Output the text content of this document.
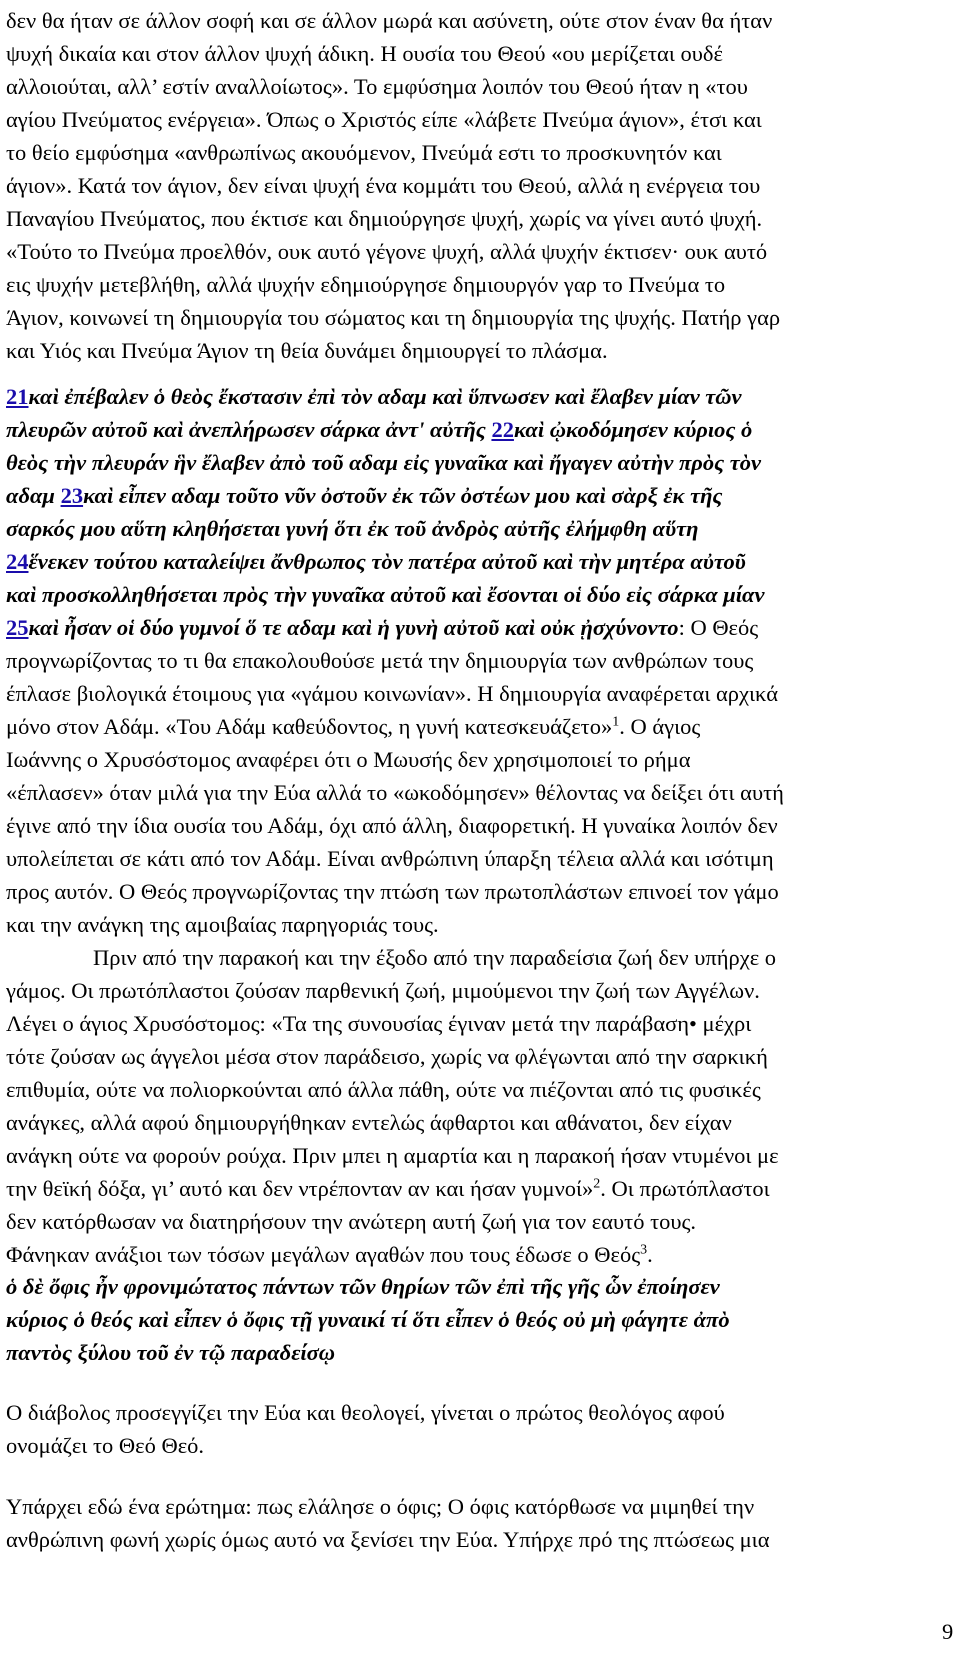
δεν θα ήταν σε άλλον σοφή και σε άλλον μωρά και ασύνετη, ούτε στον έναν θα ήταν
ψυχή δικαία και στον άλλον ψυχή άδικη. Η ουσία του Θεού «ου μερίζεται ουδέ
αλλοιούται, αλλ’ εστίν αναλλοίωτος». Το εμφύσημα λοιπόν του Θεού ήταν η «του
αγίου Πνεύματος ενέργεια». Όπως ο Χριστός είπε «λάβετε Πνεύμα άγιον», έτσι και
το θείο εμφύσημα «ανθρωπίνως ακουόμενον, Πνεύμά εστι το προσκυνητόν και
άγιον». Κατά τον άγιον, δεν είναι ψυχή ένα κομμάτι του Θεού, αλλά η ενέργεια του
Παναγίου Πνεύματος, που έκτισε και δημιούργησε ψυχή, χωρίς να γίνει αυτό ψυχή.
«Τούτο το Πνεύμα προελθόν, ουκ αυτό γέγονε ψυχή, αλλά ψυχήν έκτισεν· ουκ αυτό
εις ψυχήν μετεβλήθη, αλλά ψυχήν εδημιούργησε δημιουργόν γαρ το Πνεύμα το
Άγιον, κοινωνεί τη δημιουργία του σώματος και τη δημιουργία της ψυχής. Πατήρ γαρ
και Υιός και Πνεύμα Άγιον τη θεία δυνάμει δημιουργεί το πλάσμα.
21καὶ ἐπέβαλεν ὁ θεὸς ἔκστασιν ἐπὶ τὸν αδαμ καὶ ὕπνωσεν καὶ ἔλαβεν μίαν τῶν
πλευρῶν αὐτοῦ καὶ ἀνεπλήρωσεν σάρκα ἀντ' αὐτῆς 22καὶ ᾠκοδόμησεν κύριος ὁ
θεὸς τὴν πλευράν ἣν ἔλαβεν ἀπὸ τοῦ αδαμ εἰς γυναῖκα καὶ ἤγαγεν αὐτὴν πρὸς τὸν
αδαμ 23καὶ εἶπεν αδαμ τοῦτο νῦν ὀστοῦν ἐκ τῶν ὀστέων μου καὶ σὰρξ ἐκ τῆς
σαρκός μου αὕτη κληθήσεται γυνή ὅτι ἐκ τοῦ ἀνδρὸς αὐτῆς ἐλήμφθη αὕτη
24ἕνεκεν τούτου καταλείψει ἄνθρωπος τὸν πατέρα αὐτοῦ καὶ τὴν μητέρα αὐτοῦ
καὶ προσκολληθήσεται πρὸς τὴν γυναῖκα αὐτοῦ καὶ ἔσονται οἱ δύο εἰς σάρκα μίαν
25καὶ ἦσαν οἱ δύο γυμνοί ὅ τε αδαμ καὶ ἡ γυνὴ αὐτοῦ καὶ οὐκ ᾐσχύνοντο: Ο Θεός
προγνωρίζοντας το τι θα επακολουθούσε μετά την δημιουργία των ανθρώπων τους
έπλασε βιολογικά έτοιμους για «γάμου κοινωνίαν». Η δημιουργία αναφέρεται αρχικά
μόνο στον Αδάμ. «Του Αδάμ καθεύδοντος, η γυνή κατεσκευάζετο»$^1$. Ο άγιος
Ιωάννης ο Χρυσόστομος αναφέρει ότι ο Μωυσής δεν χρησιμοποιεί το ρήμα
«έπλασεν» όταν μιλά για την Εύα αλλά το «ωκοδόμησεν» θέλοντας να δείξει ότι αυτή
έγινε από την ίδια ουσία του Αδάμ, όχι από άλλη, διαφορετική. Η γυναίκα λοιπόν δεν
υπολείπεται σε κάτι από τον Αδάμ. Είναι ανθρώπινη ύπαρξη τέλεια αλλά και ισότιμη
προς αυτόν. Ο Θεός προγνωρίζοντας την πτώση των πρωτοπλάστων επινοεί τον γάμο
και την ανάγκη της αμοιβαίας παρηγοριάς τους.
Πριν από την παρακοή και την έξοδο από την παραδείσια ζωή δεν υπήρχε ο
γάμος. Οι πρωτόπλαστοι ζούσαν παρθενική ζωή, μιμούμενοι την ζωή των Αγγέλων.
Λέγει ο άγιος Χρυσόστομος: «Τα της συνουσίας έγιναν μετά την παράβαση• μέχρι
τότε ζούσαν ως άγγελοι μέσα στον παράδεισο, χωρίς να φλέγωνται από την σαρκική
επιθυμία, ούτε να πολιορκούνται από άλλα πάθη, ούτε να πιέζονται από τις φυσικές
ανάγκες, αλλά αφού δημιουργήθηκαν εντελώς άφθαρτοι και αθάνατοι, δεν είχαν
ανάγκη ούτε να φορούν ρούχα. Πριν μπει η αμαρτία και η παρακοή ήσαν ντυμένοι με
την θεϊκή δόξα, γι’ αυτό και δεν ντρέπονταν αν και ήσαν γυμνοί»$^2$. Οι πρωτόπλαστοι
δεν κατόρθωσαν να διατηρήσουν την ανώτερη αυτή ζωή για τον εαυτό τους.
Φάνηκαν ανάξιοι των τόσων μεγάλων αγαθών που τους έδωσε ο Θεός$^3$.
ὁ δὲ ὄφις ἦν φρονιμώτατος πάντων τῶν θηρίων τῶν ἐπὶ τῆς γῆς ὧν ἐποίησεν
κύριος ὁ θεός καὶ εἶπεν ὁ ὄφις τῇ γυναικί τί ὅτι εἶπεν ὁ θεός οὐ μὴ φάγητε ἀπὸ
παντὸς ξύλου τοῦ ἐν τῷ παραδείσῳ
Ο διάβολος προσεγγίζει την Εύα και θεολογεί, γίνεται ο πρώτος θεολόγος αφού
ονομάζει το Θεό Θεό.
Υπάρχει εδώ ένα ερώτημα: πως ελάλησε ο όφις; Ο όφις κατόρθωσε να μιμηθεί την
ανθρώπινη φωνή χωρίς όμως αυτό να ξενίσει την Εύα. Υπήρχε πρό της πτώσεως μια
9
